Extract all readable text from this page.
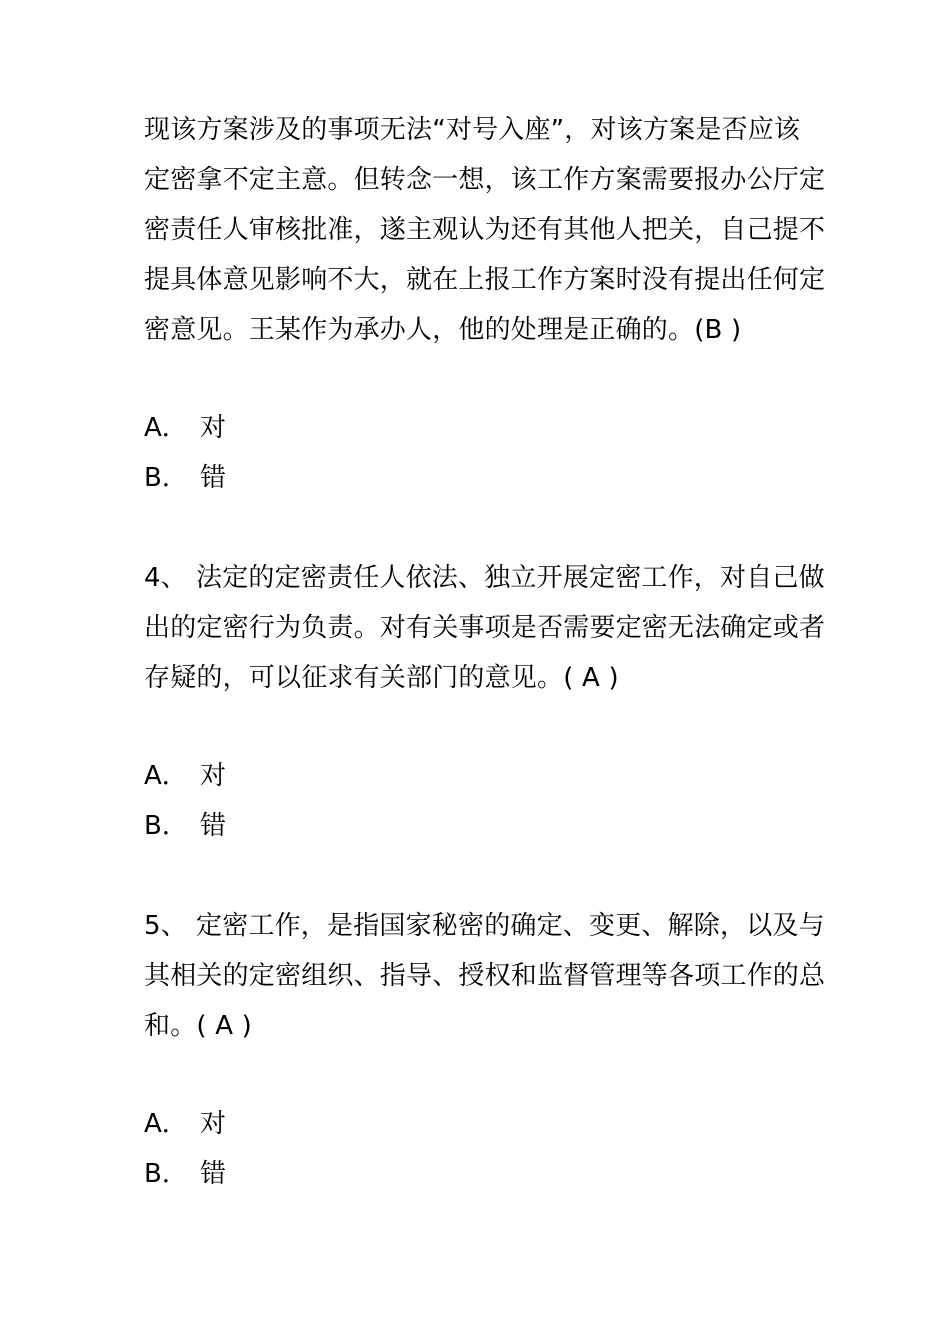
现该方案涉及的事项无法“对号入座”，对该方案是否应该
定密拿不定主意。但转念一想，该工作方案需要报办公厅定
密责任人审核批准，遂主观认为还有其他人把关，自己提不
提具体意见影响不大，就在上报工作方案时没有提出任何定
密意见。王某作为承办人，他的处理是正确的。(B )
A． 对
B． 错
4、 法定的定密责任人依法、独立开展定密工作，对自己做
出的定密行为负责。对有关事项是否需要定密无法确定或者
存疑的，可以征求有关部门的意见。( A )
A． 对
B． 错
5、 定密工作，是指国家秘密的确定、变更、解除，以及与
其相关的定密组织、指导、授权和监督管理等各项工作的总
和。( A )
A． 对
B． 错
